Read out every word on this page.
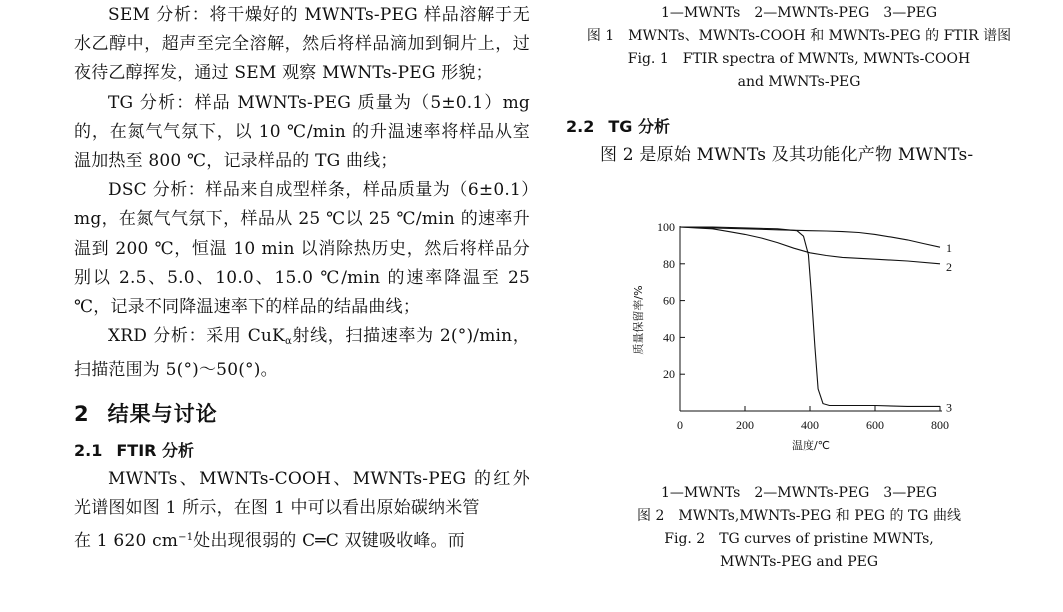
SEM 分析：将干燥好的 MWNTs-PEG 样品溶解于无水乙醇中，超声至完全溶解，然后将样品滴加到铜片上，过夜待乙醇挥发，通过 SEM 观察 MWNTs-PEG 形貌；

TG 分析：样品 MWNTs-PEG 质量为（5±0.1）mg的，在氮气气氛下，以 10 ℃/min 的升温速率将样品从室温加热至 800 ℃，记录样品的 TG 曲线；

DSC 分析：样品来自成型样条，样品质量为（6±0.1）mg，在氮气气氛下，样品从 25 ℃以 25 ℃/min 的速率升温到 200 ℃，恒温 10 min 以消除热历史，然后将样品分别以 2.5、5.0、10.0、15.0 ℃/min 的速率降温至 25 ℃，记录不同降温速率下的样品的结晶曲线；

XRD 分析：采用 CuK$_\alpha$射线，扫描速率为 2(°)/min，扫描范围为 5(°)～50(°)。

2 结果与讨论
2.1 FTIR 分析

MWNTs、MWNTs-COOH、MWNTs-PEG 的红外光谱图如图 1 所示，在图 1 中可以看出原始碳纳米管

在 1 620 $cm^{-1}$处出现很弱的 C═C 双键吸收峰。而

1—MWNTs　2—MWNTs-PEG　3—PEG
图 1　MWNTs、MWNTs-COOH 和 MWNTs-PEG 的 FTIR 谱图
Fig. 1　FTIR spectra of MWNTs, MWNTs-COOH
and MWNTs-PEG
2.2 TG 分析

图 2 是原始 MWNTs 及其功能化产物 MWNTs-

20
40
60
80
100
0	200	400	600	800
1
2
3
温度/℃
质量保留率/%
1—MWNTs　2—MWNTs-PEG　3—PEG
图 2　MWNTs,MWNTs-PEG 和 PEG 的 TG 曲线
Fig. 2　TG curves of pristine MWNTs,
MWNTs-PEG and PEG
